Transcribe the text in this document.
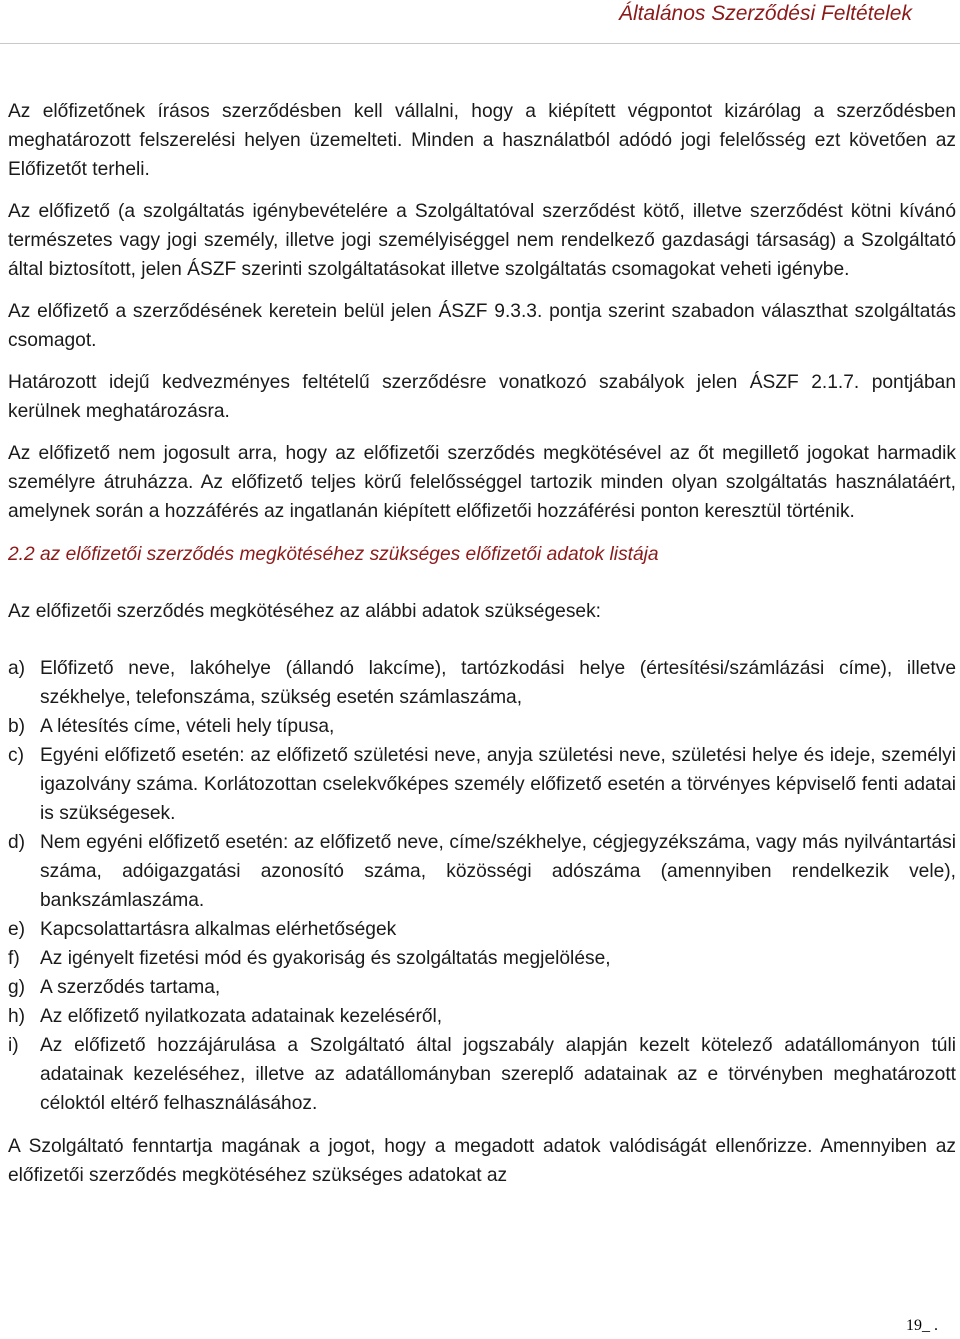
Általános Szerződési Feltételek

Az előfizetőnek írásos szerződésben kell vállalni, hogy a kiépített végpontot kizárólag a szerződésben meghatározott felszerelési helyen üzemelteti. Minden a használatból adódó jogi felelősség ezt követően az Előfizetőt terheli.

Az előfizető (a szolgáltatás igénybevételére a Szolgáltatóval szerződést kötő, illetve szerződést kötni kívánó természetes vagy jogi személy, illetve jogi személyiséggel nem rendelkező gazdasági társaság) a Szolgáltató által biztosított, jelen ÁSZF szerinti szolgáltatásokat illetve szolgáltatás csomagokat veheti igénybe.

Az előfizető a szerződésének keretein belül jelen ÁSZF 9.3.3. pontja szerint szabadon választhat szolgáltatás csomagot.

Határozott idejű kedvezményes feltételű szerződésre vonatkozó szabályok jelen ÁSZF 2.1.7. pontjában kerülnek meghatározásra.

Az előfizető nem jogosult arra, hogy az előfizetői szerződés megkötésével az őt megillető jogokat harmadik személyre átruházza. Az előfizető teljes körű felelősséggel tartozik minden olyan szolgáltatás használatáért, amelynek során a hozzáférés az ingatlanán kiépített előfizetői hozzáférési ponton keresztül történik.

2.2 az előfizetői szerződés megkötéséhez szükséges előfizetői adatok listája
Az előfizetői szerződés megkötéséhez az alábbi adatok szükségesek:
a) Előfizető neve, lakóhelye (állandó lakcíme), tartózkodási helye (értesítési/számlázási címe), illetve székhelye, telefonszáma, szükség esetén számlaszáma,
b) A létesítés címe, vételi hely típusa,
c) Egyéni előfizető esetén: az előfizető születési neve, anyja születési neve, születési helye és ideje, személyi igazolvány száma. Korlátozottan cselekvőképes személy előfizető esetén a törvényes képviselő fenti adatai is szükségesek.
d) Nem egyéni előfizető esetén: az előfizető neve, címe/székhelye, cégjegyzékszáma, vagy más nyilvántartási száma, adóigazgatási azonosító száma, közösségi adószáma (amennyiben rendelkezik vele), bankszámlaszáma.
e) Kapcsolattartásra alkalmas elérhetőségek
f) Az igényelt fizetési mód és gyakoriság és szolgáltatás megjelölése,
g) A szerződés tartama,
h) Az előfizető nyilatkozata adatainak kezeléséről,
i) Az előfizető hozzájárulása a Szolgáltató által jogszabály alapján kezelt kötelező adatállományon túli adatainak kezeléséhez, illetve az adatállományban szereplő adatainak az e törvényben meghatározott céloktól eltérő felhasználásához.

A Szolgáltató fenntartja magának a jogot, hogy a megadott adatok valódiságát ellenőrizze. Amennyiben az előfizetői szerződés megkötéséhez szükséges adatokat az

19_ .
